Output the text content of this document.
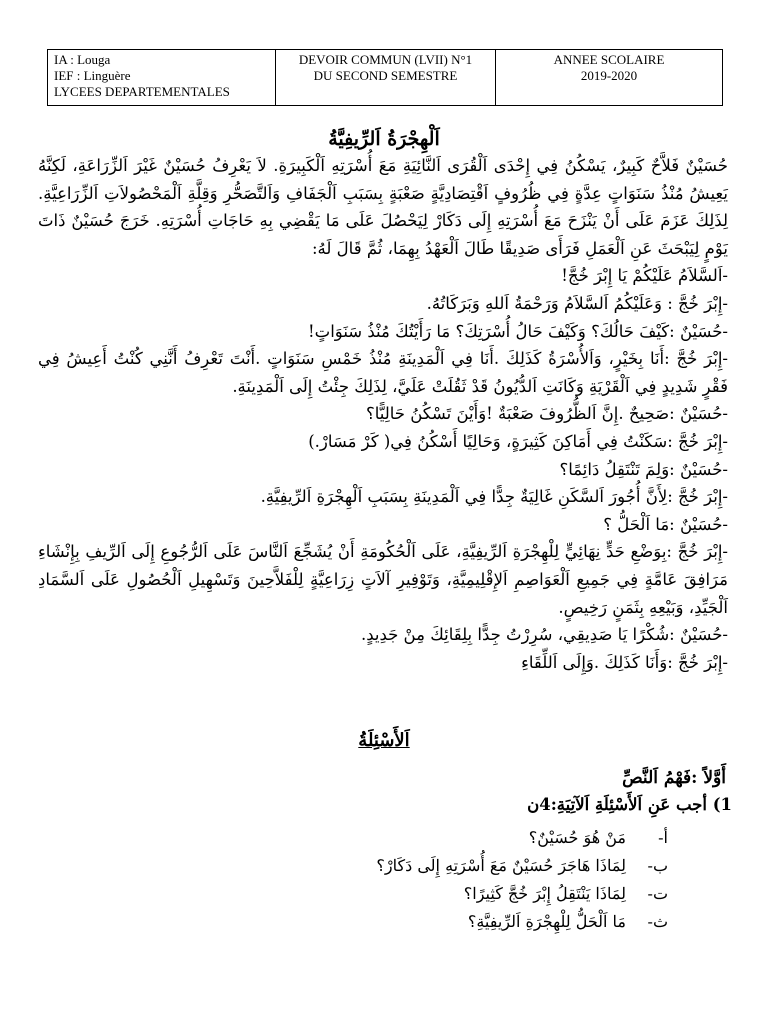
IA : Louga
IEF : Linguère
LYCEES DEPARTEMENTALES
DEVOIR COMMUN (LVII) N°1
DU SECOND SEMESTRE
ANNEE SCOLAIRE
2019-2020
اَلْهِجْرَةُ اَلرِّيفِيَّةُ

حُسَيْنٌ فَلاَّحٌ كَبِيرٌ، يَسْكُنُ فِي إِحْدَى اَلْقُرَى اَلنَّائِيَةِ مَعَ أُسْرَتِهِ اَلْكَبِيرَةِ. لاَ يَعْرِفُ حُسَيْنٌ غَيْرَ اَلزِّرَاعَةِ، لَكِنَّهُ يَعِيشُ مُنْذُ سَنَوَاتٍ عِدَّةٍ فِي ظُرُوفٍ اَقْتِصَادِيَّةٍ صَعْبَةٍ بِسَبَبِ اَلْجَفَافِ وَاَلتَّصَحُّرِ وَقِلَّةِ اَلْمَحْصُولاَتِ اَلزِّرَاعِيَّةِ. لِذَلِكَ عَزَمَ عَلَى أَنْ يَنْزَحَ مَعَ أُسْرَتِهِ إِلَى دَكَارْ لِيَحْصُلَ عَلَى مَا يَقْضِي بِهِ حَاجَاتِ أُسْرَتِهِ. خَرَجَ حُسَيْنٌ ذَاتَ يَوْمٍ لِيَبْحَثَ عَنِ اَلْعَمَلِ فَرَأَى صَدِيقًا طَالَ اَلْعَهْدُ بِهِمَا، ثُمَّ قَالَ لَهُ:

-اَلسَّلاَمُ عَلَيْكُمْ يَا إِبْرَ خُجَّ!

-إِبْرَ خُجَّ : وَعَلَيْكُمُ اَلسَّلاَمُ وَرَحْمَةُ اَللهِ وَبَرَكَاتُهُ.

-حُسَيْنٌ :كَيْفَ حَالُكَ؟ وَكَيْفَ حَالُ أُسْرَتِكَ؟ مَا رَأَيْتُكَ مُنْذُ سَنَوَاتٍ!

-إِبْرَ خُجَّ :أَنَا بِخَيْرٍ، وَاَلأُسْرَةُ كَذَلِكَ .أَنَا فِي اَلْمَدِينَةِ مُنْذُ خَمْسِ سَنَوَاتٍ .أَنْتَ تَعْرِفُ أَنَّنِي كُنْتُ أَعِيشُ فِي فَقْرٍ شَدِيدٍ فِي اَلْقَرْيَةِ وَكَانَتِ اَلدُّيُونُ قَدْ ثَقُلَتْ عَلَيَّ، لِذَلِكَ جِئْتُ إِلَى اَلْمَدِينَةِ.

-حُسَيْنٌ :صَحِيحٌ .إِنَّ اَلظُّرُوفَ صَعْبَةٌ !وَأَيْنَ تَسْكُنُ حَالِيًّا؟

-إِبْرَ خُجَّ :سَكَنْتُ فِي أَمَاكِنَ كَثِيرَةٍ، وَحَالِيًا أَسْكُنُ فِي( كَرْ مَسَارْ.)

-حُسَيْنٌ :وَلِمَ تَنْتَقِلُ دَائِمًا؟

-إِبْرَ خُجَّ :لِأَنَّ أُجُورَ اَلسَّكَنِ غَالِيَةٌ جِدًّا فِي اَلْمَدِينَةِ بِسَبَبِ اَلْهِجْرَةِ اَلرِّيفِيَّةِ.

-حُسَيْنٌ :مَا اَلْحَلُّ ؟

-إِبْرَ خُجَّ :بِوَضْعِ حَدٍّ نِهَائِيٍّ لِلْهِجْرَةِ اَلرِّيفِيَّةِ، عَلَى اَلْحُكُومَةِ أَنْ يُشَجِّعَ اَلنَّاسَ عَلَى اَلرُّجُوعِ إِلَى اَلرِّيفِ بِإِنْشَاءِ مَرَافِقَ عَامَّةٍ فِي جَمِيعِ اَلْعَوَاصِمِ اَلإِقْلِيمِيَّةِ، وَتَوْفِيرِ آلاَتٍ زِرَاعِيَّةٍ لِلْفَلاَّحِينَ وَتَسْهِيلِ اَلْحُصُولِ عَلَى اَلسَّمَادِ اَلْجَيِّدِ، وَبَيْعِهِ بِثَمَنٍ رَخِيصٍ.

-حُسَيْنٌ :شُكْرًا يَا صَدِيقِي، سُرِرْتُ جِدًّا بِلِقَائِكَ مِنْ جَدِيدٍ.

-إِبْرَ خُجَّ :وَأَنَا كَذَلِكَ .وَإِلَى اَللِّقَاءِ

اَلأَسْئِلَةُ
أَوَّلاً :فَهْمُ اَلنَّصِّ
1) أجب عَنِ اَلأَسْئِلَةِ اَلآتِيَةِ:4ن
أ-
مَنْ هُوَ حُسَيْنٌ؟
ب-
لِمَاذَا هَاجَرَ حُسَيْنٌ مَعَ أُسْرَتِهِ إِلَى دَكَارْ؟
ت-
لِمَاذَا يَنْتَقِلُ إِبْرَ خُجَّ كَثِيرًا؟
ث-
مَا اَلْحَلُّ لِلْهِجْرَةِ اَلرِّيفِيَّةِ؟
